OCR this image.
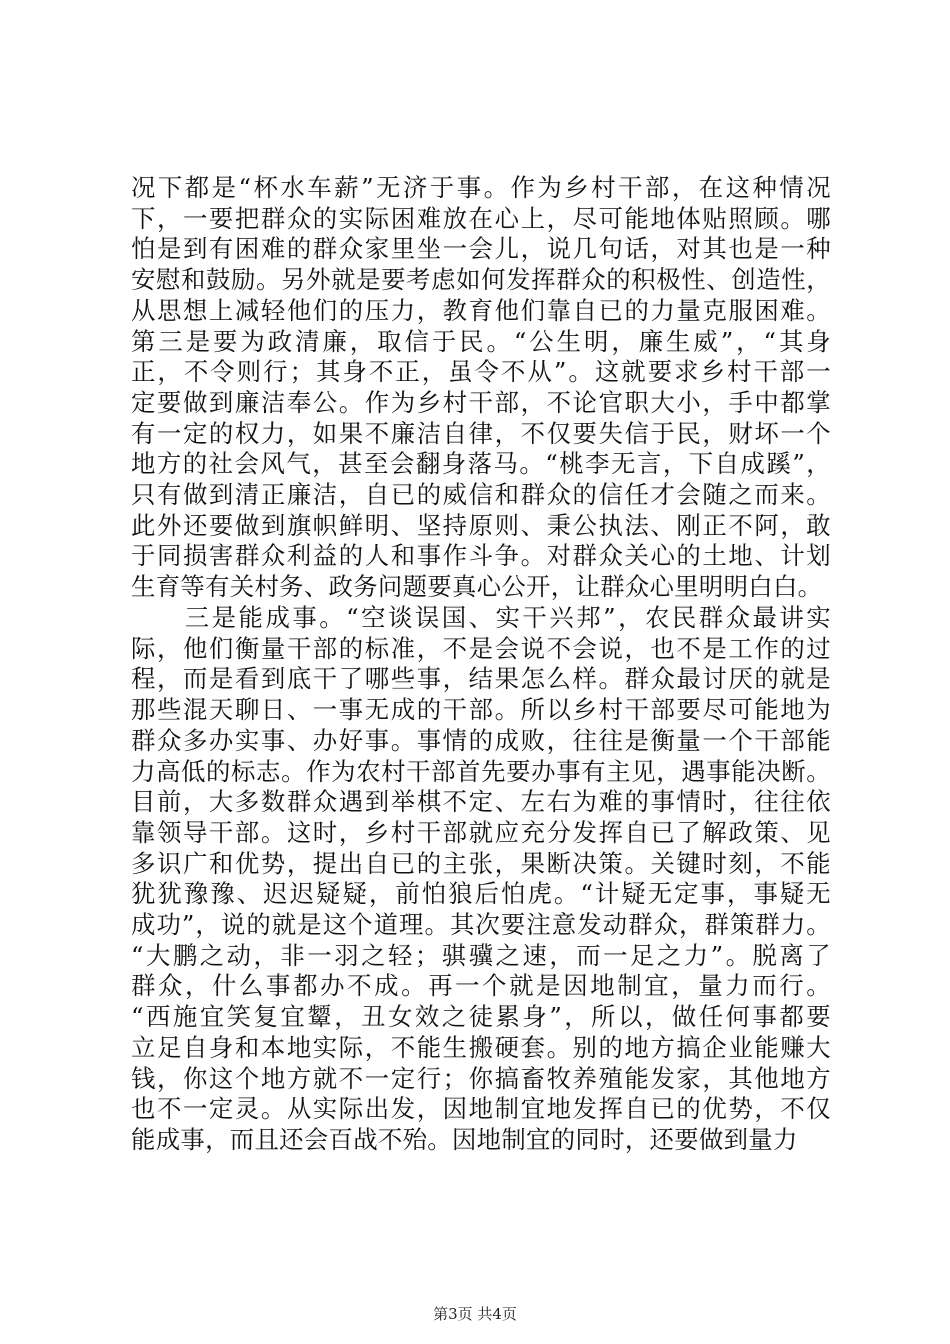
况下都是“杯水车薪”无济于事。作为乡村干部，在这种情况
下，一要把群众的实际困难放在心上，尽可能地体贴照顾。哪
怕是到有困难的群众家里坐一会儿，说几句话，对其也是一种
安慰和鼓励。另外就是要考虑如何发挥群众的积极性、创造性，
从思想上减轻他们的压力，教育他们靠自已的力量克服困难。
第三是要为政清廉，取信于民。“公生明，廉生威”，“其身
正，不令则行；其身不正，虽令不从”。这就要求乡村干部一
定要做到廉洁奉公。作为乡村干部，不论官职大小，手中都掌
有一定的权力，如果不廉洁自律，不仅要失信于民，财坏一个
地方的社会风气，甚至会翻身落马。“桃李无言，下自成蹊”，
只有做到清正廉洁，自已的威信和群众的信任才会随之而来。
此外还要做到旗帜鲜明、坚持原则、秉公执法、刚正不阿，敢
于同损害群众利益的人和事作斗争。对群众关心的土地、计划
生育等有关村务、政务问题要真心公开，让群众心里明明白白。
　　三是能成事。“空谈误国、实干兴邦”，农民群众最讲实
际，他们衡量干部的标准，不是会说不会说，也不是工作的过
程，而是看到底干了哪些事，结果怎么样。群众最讨厌的就是
那些混天聊日、一事无成的干部。所以乡村干部要尽可能地为
群众多办实事、办好事。事情的成败，往往是衡量一个干部能
力高低的标志。作为农村干部首先要办事有主见，遇事能决断。
目前，大多数群众遇到举棋不定、左右为难的事情时，往往依
靠领导干部。这时，乡村干部就应充分发挥自已了解政策、见
多识广和优势，提出自已的主张，果断决策。关键时刻，不能
犹犹豫豫、迟迟疑疑，前怕狼后怕虎。“计疑无定事，事疑无
成功”，说的就是这个道理。其次要注意发动群众，群策群力。
“大鹏之动，非一羽之轻；骐骥之速，而一足之力”。脱离了
群众，什么事都办不成。再一个就是因地制宜，量力而行。
“西施宜笑复宜颦，丑女效之徒累身”，所以，做任何事都要
立足自身和本地实际，不能生搬硬套。别的地方搞企业能赚大
钱，你这个地方就不一定行；你搞畜牧养殖能发家，其他地方
也不一定灵。从实际出发，因地制宜地发挥自已的优势，不仅
能成事，而且还会百战不殆。因地制宜的同时，还要做到量力
第3页 共4页
